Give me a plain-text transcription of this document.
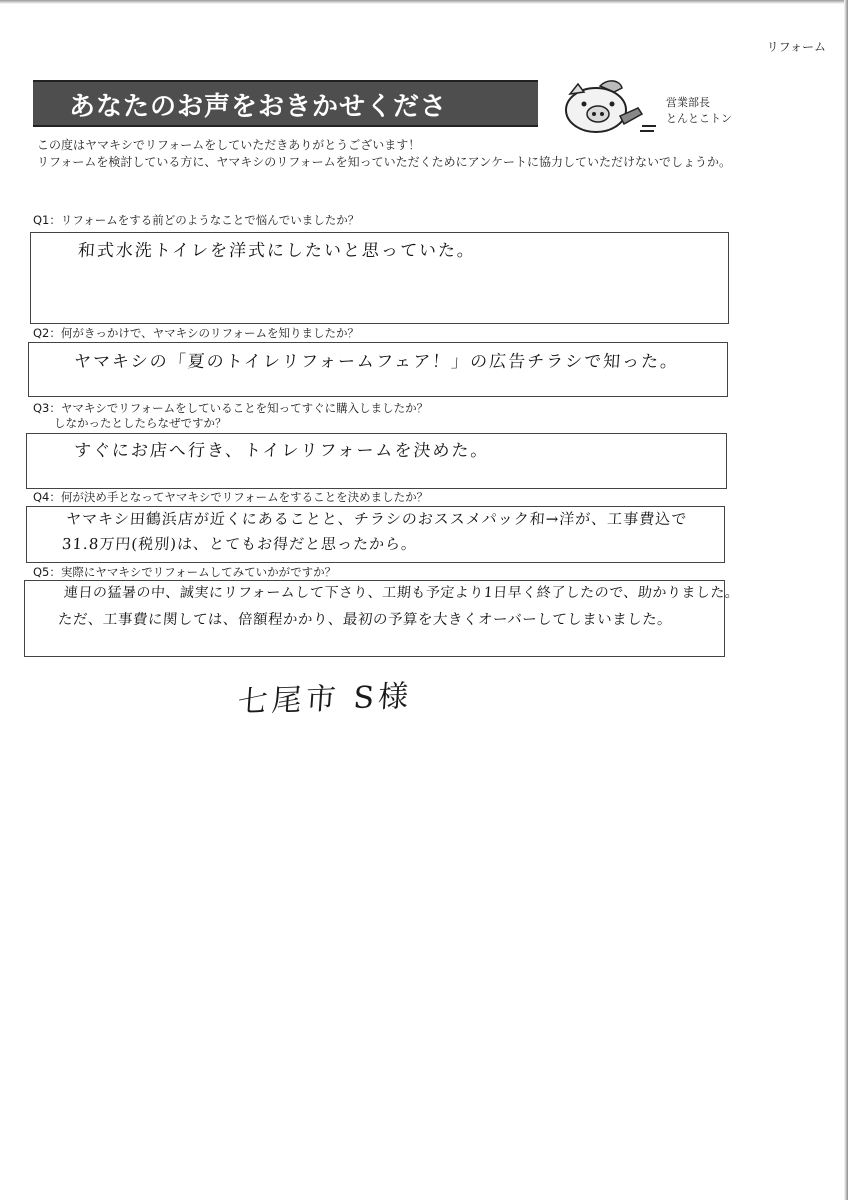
リフォーム
あなたのお声をおきかせくださ	営業部長
とんとこトン
この度はヤマキシでリフォームをしていただきありがとうございます！
リフォームを検討している方に、ヤマキシのリフォームを知っていただくためにアンケートに協力していただけないでしょうか。
Q1：リフォームをする前どのようなことで悩んでいましたか？
和式水洗トイレを洋式にしたいと思っていた。
Q2：何がきっかけで、ヤマキシのリフォームを知りましたか？
ヤマキシの「夏のトイレリフォームフェア！」の広告チラシで知った。
Q3：ヤマキシでリフォームをしていることを知ってすぐに購入しましたか？
しなかったとしたらなぜですか？
すぐにお店へ行き、トイレリフォームを決めた。
Q4：何が決め手となってヤマキシでリフォームをすることを決めましたか？
ヤマキシ田鶴浜店が近くにあることと、チラシのおススメパック和→洋が、工事費込で
31.8万円(税別)は、とてもお得だと思ったから。
Q5：実際にヤマキシでリフォームしてみていかがですか？
連日の猛暑の中、誠実にリフォームして下さり、工期も予定より1日早く終了したので、助かりました。
ただ、工事費に関しては、倍額程かかり、最初の予算を大きくオーバーしてしまいました。
七尾市 S様
